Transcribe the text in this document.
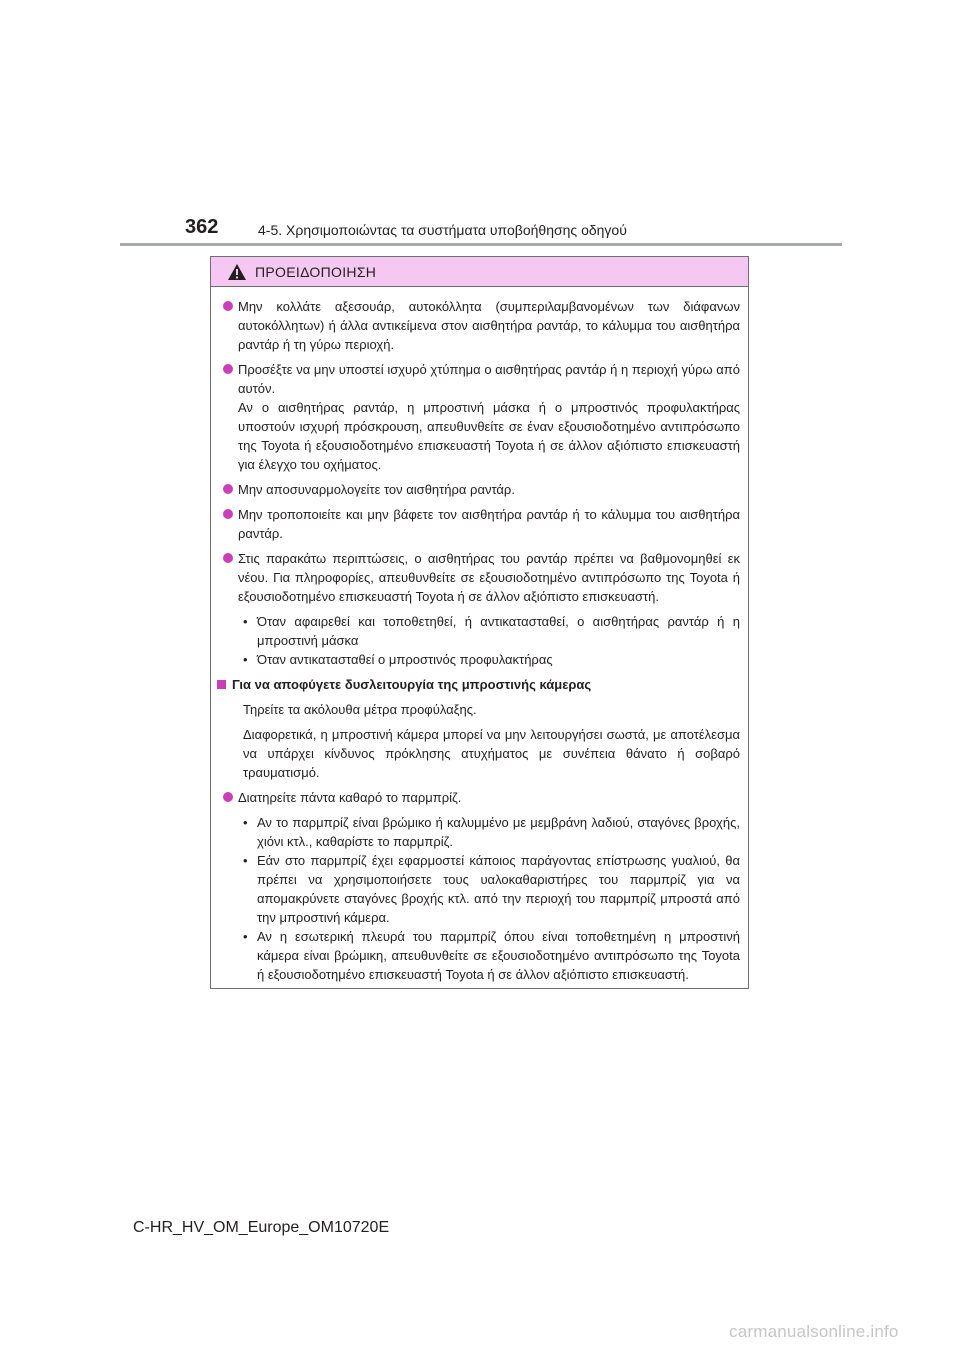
362	4-5. Χρησιμοποιώντας τα συστήματα υποβοήθησης οδηγού
ΠΡΟΕΙΔΟΠΟΙΗΣΗ
Μην κολλάτε αξεσουάρ, αυτοκόλλητα (συμπεριλαμβανομένων των διάφανων αυτοκόλλητων) ή άλλα αντικείμενα στον αισθητήρα ραντάρ, το κάλυμμα του αισθητήρα ραντάρ ή τη γύρω περιοχή.
Προσέξτε να μην υποστεί ισχυρό χτύπημα ο αισθητήρας ραντάρ ή η περιοχή γύρω από αυτόν.
Αν ο αισθητήρας ραντάρ, η μπροστινή μάσκα ή ο μπροστινός προφυλακτήρας υποστούν ισχυρή πρόσκρουση, απευθυνθείτε σε έναν εξουσιοδοτημένο αντιπρόσωπο της Toyota ή εξουσιοδοτημένο επισκευαστή Toyota ή σε άλλον αξιόπιστο επισκευαστή για έλεγχο του οχήματος.
Μην αποσυναρμολογείτε τον αισθητήρα ραντάρ.
Μην τροποποιείτε και μην βάφετε τον αισθητήρα ραντάρ ή το κάλυμμα του αισθητήρα ραντάρ.
Στις παρακάτω περιπτώσεις, ο αισθητήρας του ραντάρ πρέπει να βαθμονομηθεί εκ νέου. Για πληροφορίες, απευθυνθείτε σε εξουσιοδοτημένο αντιπρόσωπο της Toyota ή εξουσιοδοτημένο επισκευαστή Toyota ή σε άλλον αξιόπιστο επισκευαστή.
• Όταν αφαιρεθεί και τοποθετηθεί, ή αντικατασταθεί, ο αισθητήρας ραντάρ ή η μπροστινή μάσκα
• Όταν αντικατασταθεί ο μπροστινός προφυλακτήρας
Για να αποφύγετε δυσλειτουργία της μπροστινής κάμερας

Τηρείτε τα ακόλουθα μέτρα προφύλαξης.

Διαφορετικά, η μπροστινή κάμερα μπορεί να μην λειτουργήσει σωστά, με αποτέλεσμα να υπάρχει κίνδυνος πρόκλησης ατυχήματος με συνέπεια θάνατο ή σοβαρό τραυματισμό.

Διατηρείτε πάντα καθαρό το παρμπρίζ.
• Αν το παρμπρίζ είναι βρώμικο ή καλυμμένο με μεμβράνη λαδιού, σταγόνες βροχής, χιόνι κτλ., καθαρίστε το παρμπρίζ.
• Εάν στο παρμπρίζ έχει εφαρμοστεί κάποιος παράγοντας επίστρωσης γυαλιού, θα πρέπει να χρησιμοποιήσετε τους υαλοκαθαριστήρες του παρμπρίζ για να απομακρύνετε σταγόνες βροχής κτλ. από την περιοχή του παρμπρίζ μπροστά από την μπροστινή κάμερα.
• Αν η εσωτερική πλευρά του παρμπρίζ όπου είναι τοποθετημένη η μπροστινή κάμερα είναι βρώμικη, απευθυνθείτε σε εξουσιοδοτημένο αντιπρόσωπο της Toyota ή εξουσιοδοτημένο επισκευαστή Toyota ή σε άλλον αξιόπιστο επισκευαστή.
C-HR_HV_OM_Europe_OM10720E
carmanualsonline.info
